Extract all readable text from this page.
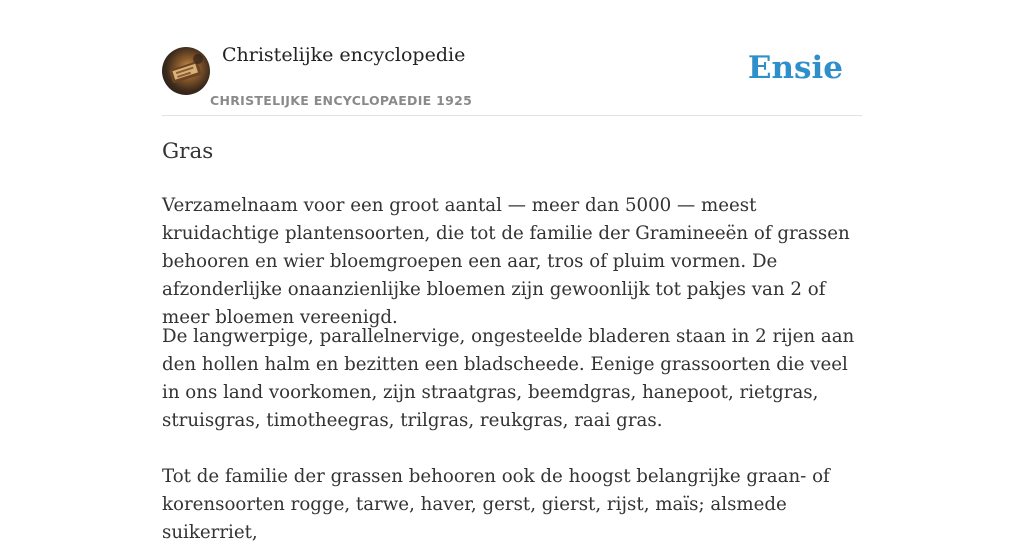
Christelijke encyclopedie
CHRISTELIJKE ENCYCLOPAEDIE 1925
Ensie
Gras

Verzamelnaam voor een groot aantal — meer dan 5000 — meest kruidachtige plantensoorten, die tot de familie der Gramineeën of grassen behooren en wier bloemgroepen een aar, tros of pluim vormen. De afzonderlijke onaanzienlijke bloemen zijn gewoonlijk tot pakjes van 2 of meer bloemen vereenigd.

De langwerpige, parallelnervige, ongesteelde bladeren staan in 2 rijen aan den hollen halm en bezitten een bladscheede. Eenige grassoorten die veel in ons land voorkomen, zijn straatgras, beemdgras, hanepoot, rietgras, struisgras, timotheegras, trilgras, reukgras, raai gras.

Tot de familie der grassen behooren ook de hoogst belangrijke graan- of korensoorten rogge, tarwe, haver, gerst, gierst, rijst, maïs; alsmede suikerriet,
